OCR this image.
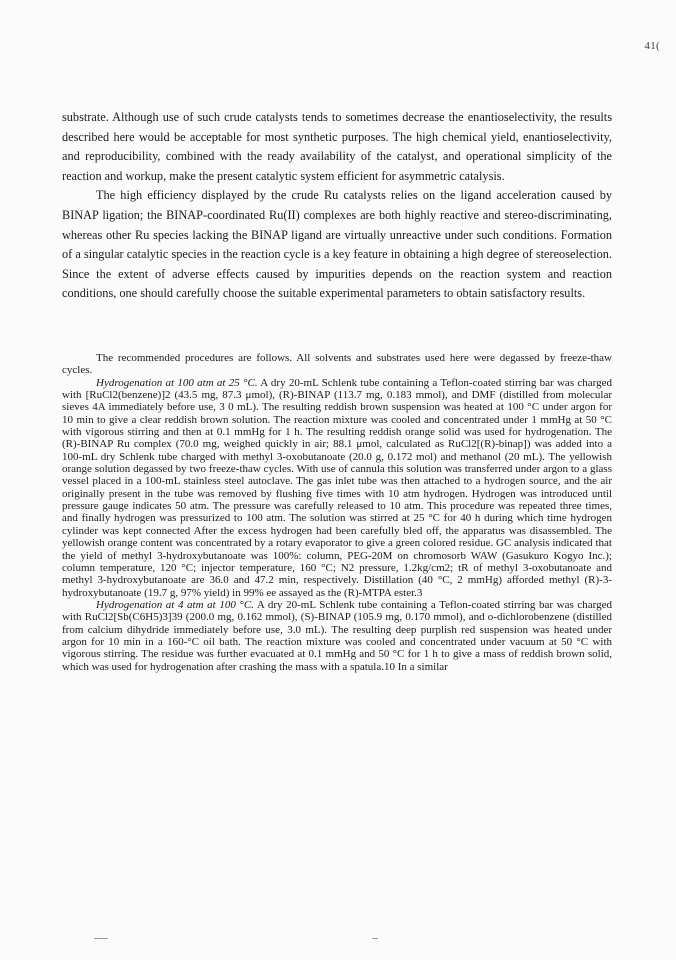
41(

substrate. Although use of such crude catalysts tends to sometimes decrease the enantioselectivity, the results described here would be acceptable for most synthetic purposes. The high chemical yield, enantioselectivity, and reproducibility, combined with the ready availability of the catalyst, and operational simplicity of the reaction and workup, make the present catalytic system efficient for asymmetric catalysis.

The high efficiency displayed by the crude Ru catalysts relies on the ligand acceleration caused by BINAP ligation; the BINAP-coordinated Ru(II) complexes are both highly reactive and stereo-discriminating, whereas other Ru species lacking the BINAP ligand are virtually unreactive under such conditions. Formation of a singular catalytic species in the reaction cycle is a key feature in obtaining a high degree of stereoselection. Since the extent of adverse effects caused by impurities depends on the reaction system and reaction conditions, one should carefully choose the suitable experimental parameters to obtain satisfactory results.

The recommended procedures are follows. All solvents and substrates used here were degassed by freeze-thaw cycles.

Hydrogenation at 100 atm at 25 °C. A dry 20-mL Schlenk tube containing a Teflon-coated stirring bar was charged with [RuCl2(benzene)]2 (43.5 mg, 87.3 μmol), (R)-BINAP (113.7 mg, 0.183 mmol), and DMF (distilled from molecular sieves 4A immediately before use, 3 0 mL). The resulting reddish brown suspension was heated at 100 °C under argon for 10 min to give a clear reddish brown solution. The reaction mixture was cooled and concentrated under 1 mmHg at 50 °C with vigorous stirring and then at 0.1 mmHg for 1 h. The resulting reddish orange solid was used for hydrogenation. The (R)-BINAP Ru complex (70.0 mg, weighed quickly in air; 88.1 μmol, calculated as RuCl2[(R)-binap]) was added into a 100-mL dry Schlenk tube charged with methyl 3-oxobutanoate (20.0 g, 0.172 mol) and methanol (20 mL). The yellowish orange solution degassed by two freeze-thaw cycles. With use of cannula this solution was transferred under argon to a glass vessel placed in a 100-mL stainless steel autoclave. The gas inlet tube was then attached to a hydrogen source, and the air originally present in the tube was removed by flushing five times with 10 atm hydrogen. Hydrogen was introduced until pressure gauge indicates 50 atm. The pressure was carefully released to 10 atm. This procedure was repeated three times, and finally hydrogen was pressurized to 100 atm. The solution was stirred at 25 °C for 40 h during which time hydrogen cylinder was kept connected After the excess hydrogen had been carefully bled off, the apparatus was disassembled. The yellowish orange content was concentrated by a rotary evaporator to give a green colored residue. GC analysis indicated that the yield of methyl 3-hydroxybutanoate was 100%: column, PEG-20M on chromosorb WAW (Gasukuro Kogyo Inc.); column temperature, 120 °C; injector temperature, 160 °C; N2 pressure, 1.2kg/cm2; tR of methyl 3-oxobutanoate and methyl 3-hydroxybutanoate are 36.0 and 47.2 min, respectively. Distillation (40 °C, 2 mmHg) afforded methyl (R)-3-hydroxybutanoate (19.7 g, 97% yield) in 99% ee assayed as the (R)-MTPA ester.3

Hydrogenation at 4 atm at 100 °C. A dry 20-mL Schlenk tube containing a Teflon-coated stirring bar was charged with RuCl2[Sb(C6H5)3]39 (200.0 mg, 0.162 mmol), (S)-BINAP (105.9 mg, 0.170 mmol), and o-dichlorobenzene (distilled from calcium dihydride immediately before use, 3.0 mL). The resulting deep purplish red suspension was heated under argon for 10 min in a 160-°C oil bath. The reaction mixture was cooled and concentrated under vacuum at 50 °C with vigorous stirring. The residue was further evacuated at 0.1 mmHg and 50 °C for 1 h to give a mass of reddish brown solid, which was used for hydrogenation after crashing the mass with a spatula.10 In a similar
